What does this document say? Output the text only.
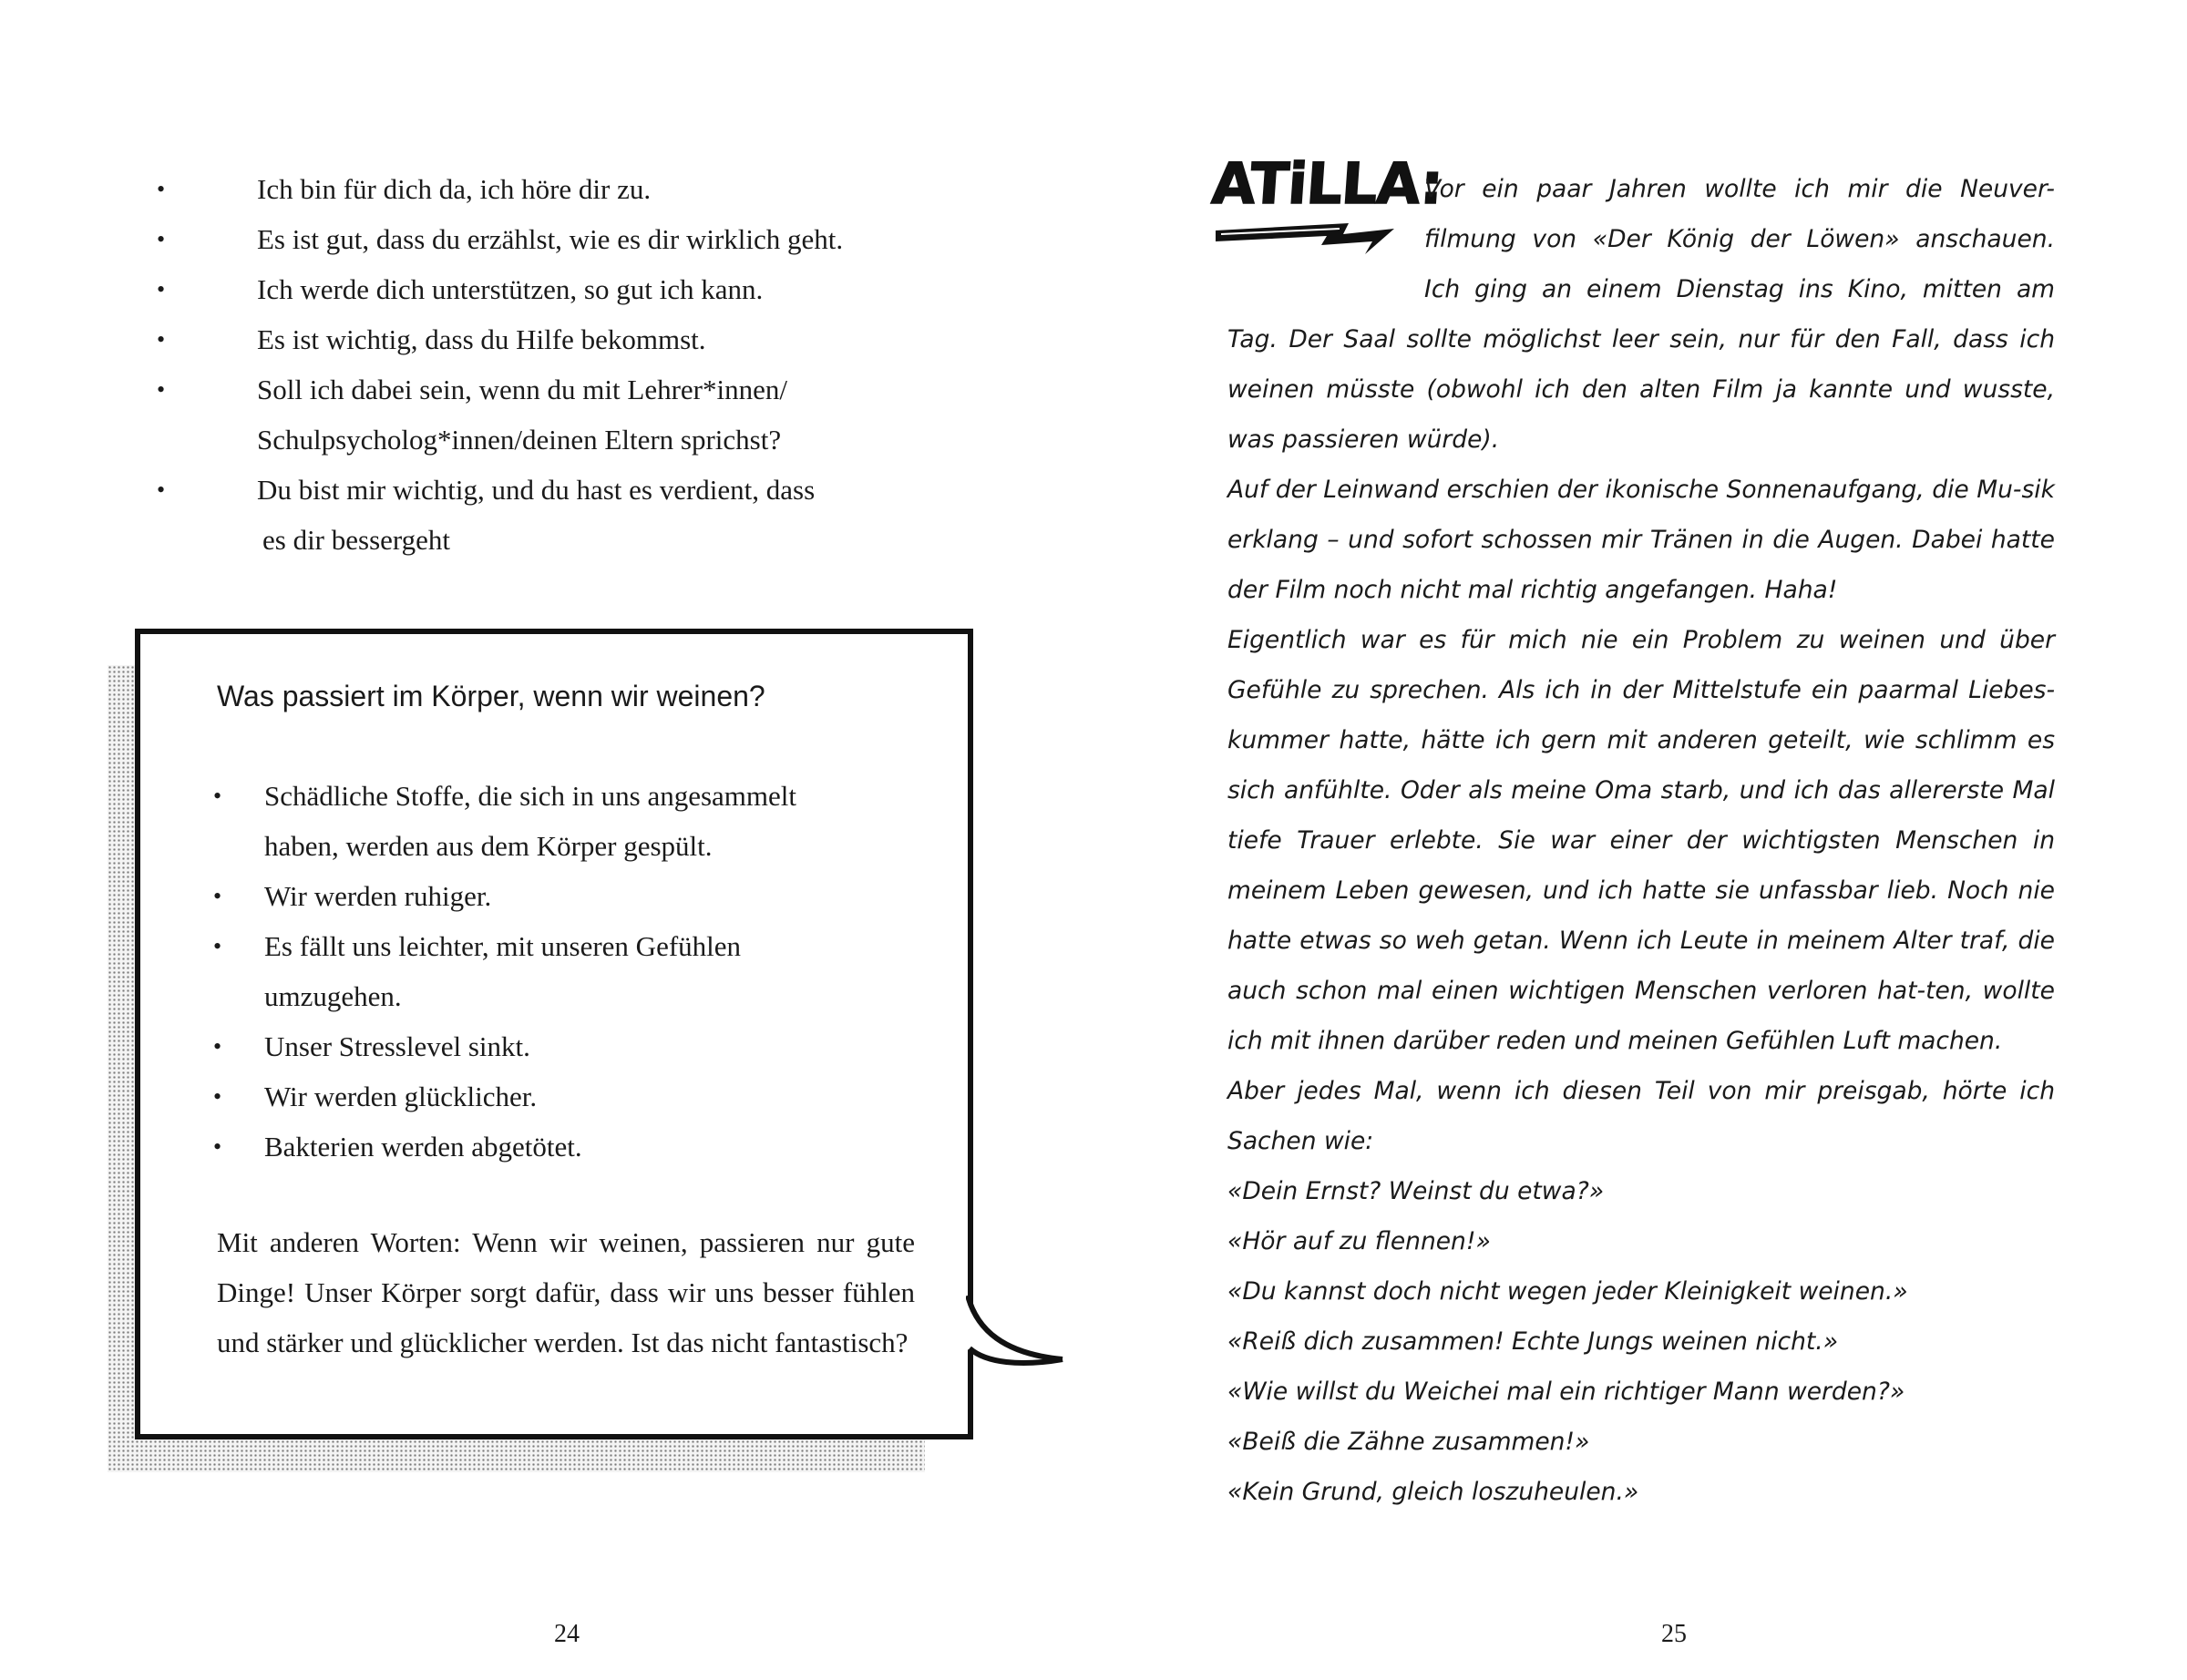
•	Ich bin für dich da, ich höre dir zu.
•	Es ist gut, dass du erzählst, wie es dir wirklich geht.
•	Ich werde dich unterstützen, so gut ich kann.
•	Es ist wichtig, dass du Hilfe bekommst.
•	Soll ich dabei sein, wenn du mit Lehrer*innen/
Schulpsycholog*innen/deinen Eltern sprichst?
•	Du bist mir wichtig, und du hast es verdient, dass
es dir bessergeht
Was passiert im Körper, wenn wir weinen?
• Schädliche Stoffe, die sich in uns angesammelt
haben, werden aus dem Körper gespült.
• Wir werden ruhiger.
• Es fällt uns leichter, mit unseren Gefühlen
umzugehen.
• Unser Stresslevel sinkt.
• Wir werden glücklicher.
• Bakterien werden abgetötet.

Mit anderen Worten: Wenn wir weinen, passieren nur gute Dinge! Unser Körper sorgt dafür, dass wir uns besser fühlen und stärker und glücklicher werden. Ist das nicht fantastisch?

24
ATiLLA:

Vor ein paar Jahren wollte ich mir die Neuver-

filmung von «Der König der Löwen» anschauen.

Ich ging an einem Dienstag ins Kino, mitten am

Tag. Der Saal sollte möglichst leer sein, nur für den Fall, dass ich weinen müsste (obwohl ich den alten Film ja kannte und wusste, was passieren würde).

Auf der Leinwand erschien der ikonische Sonnenaufgang, die Mu-sik erklang – und sofort schossen mir Tränen in die Augen. Dabei hatte der Film noch nicht mal richtig angefangen. Haha!

Eigentlich war es für mich nie ein Problem zu weinen und über Gefühle zu sprechen. Als ich in der Mittelstufe ein paarmal Liebes-kummer hatte, hätte ich gern mit anderen geteilt, wie schlimm es sich anfühlte. Oder als meine Oma starb, und ich das allererste Mal tiefe Trauer erlebte. Sie war einer der wichtigsten Menschen in meinem Leben gewesen, und ich hatte sie unfassbar lieb. Noch nie hatte etwas so weh getan. Wenn ich Leute in meinem Alter traf, die auch schon mal einen wichtigen Menschen verloren hat-ten, wollte ich mit ihnen darüber reden und meinen Gefühlen Luft machen.

Aber jedes Mal, wenn ich diesen Teil von mir preisgab, hörte ich Sachen wie:

«Dein Ernst? Weinst du etwa?»

«Hör auf zu flennen!»

«Du kannst doch nicht wegen jeder Kleinigkeit weinen.»

«Reiß dich zusammen! Echte Jungs weinen nicht.»

«Wie willst du Weichei mal ein richtiger Mann werden?»

«Beiß die Zähne zusammen!»

«Kein Grund, gleich loszuheulen.»

25
